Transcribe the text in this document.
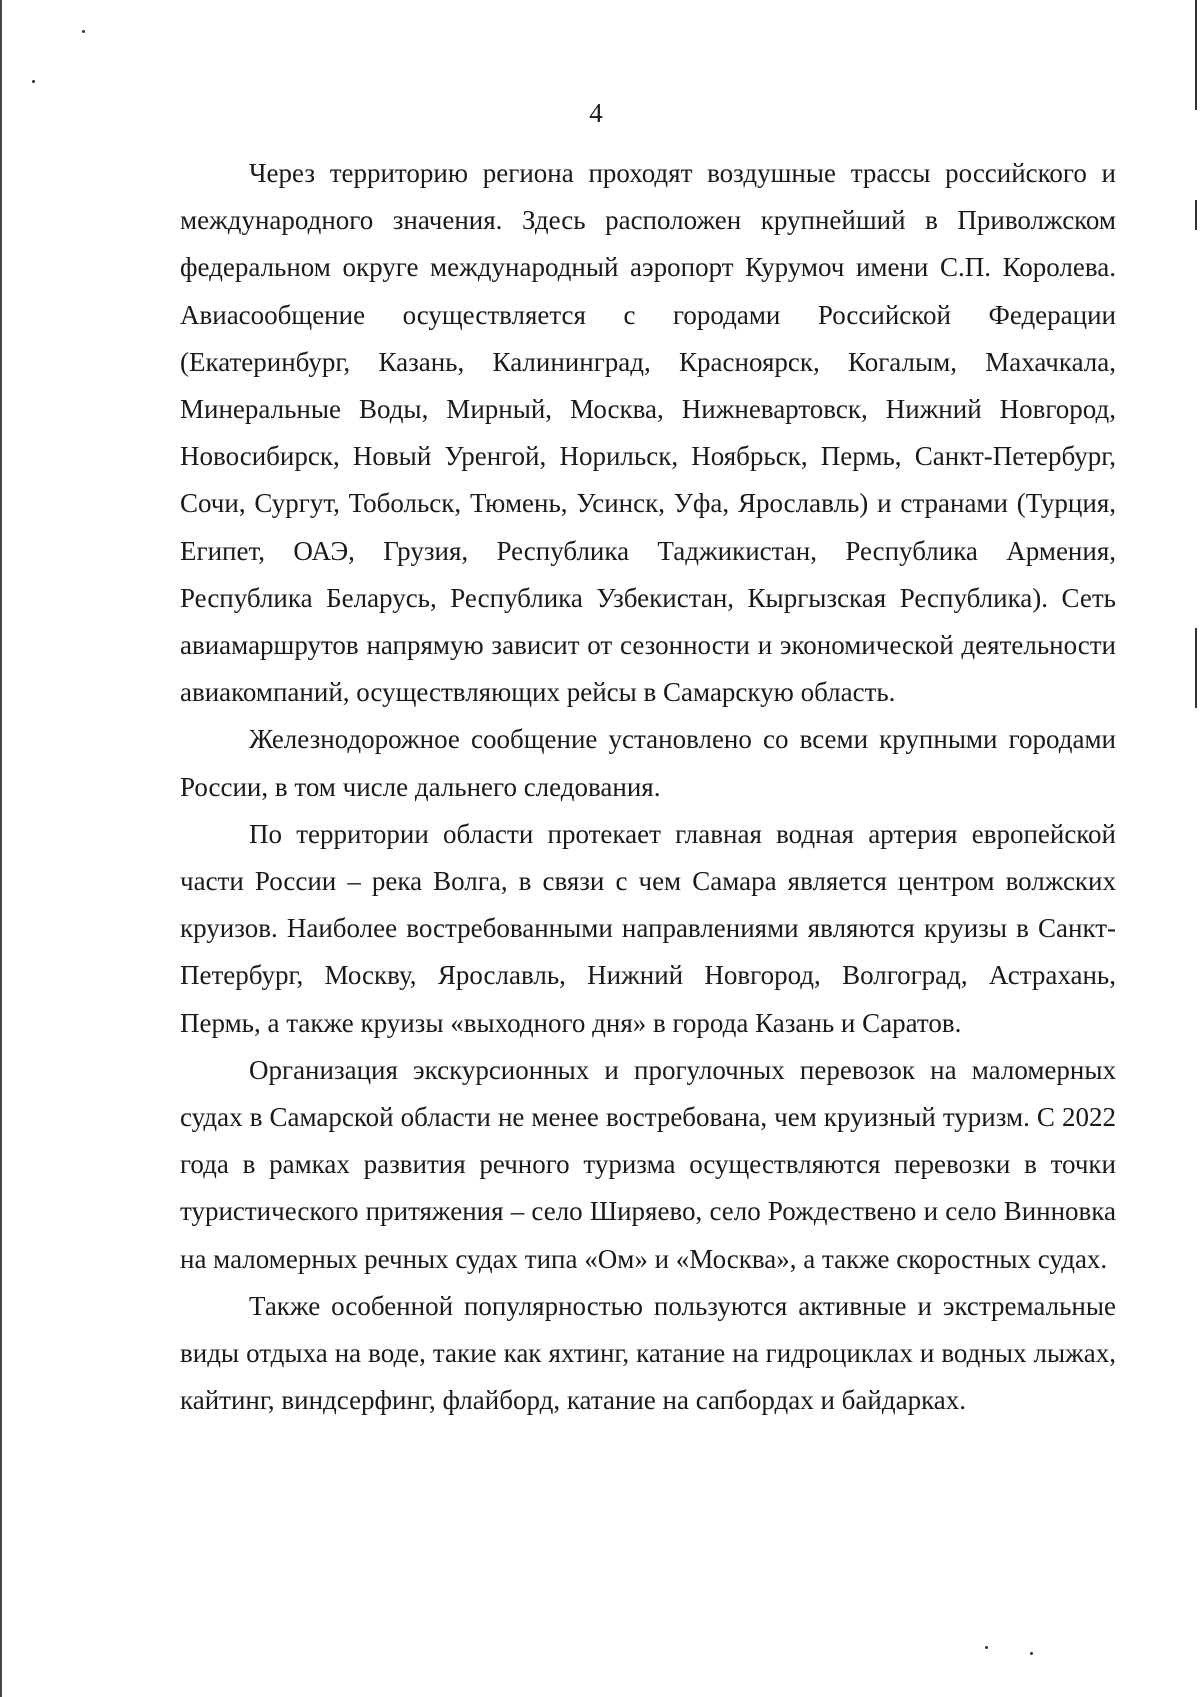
4

Через территорию региона проходят воздушные трассы российского и международного значения. Здесь расположен крупнейший в Приволжском федеральном округе международный аэропорт Курумоч имени С.П. Королева. Авиасообщение осуществляется с городами Российской Федерации (Екатеринбург, Казань, Калининград, Красноярск, Когалым, Махачкала, Минеральные Воды, Мирный, Москва, Нижневартовск, Нижний Новгород, Новосибирск, Новый Уренгой, Норильск, Ноябрьск, Пермь, Санкт-Петербург, Сочи, Сургут, Тобольск, Тюмень, Усинск, Уфа, Ярославль) и странами (Турция, Египет, ОАЭ, Грузия, Республика Таджикистан, Республика Армения, Республика Беларусь, Республика Узбекистан, Кыргызская Республика). Сеть авиамаршрутов напрямую зависит от сезонности и экономической деятельности авиакомпаний, осуществляющих рейсы в Самарскую область.

Железнодорожное сообщение установлено со всеми крупными городами России, в том числе дальнего следования.

По территории области протекает главная водная артерия европейской части России – река Волга, в связи с чем Самара является центром волжских круизов. Наиболее востребованными направлениями являются круизы в Санкт-Петербург, Москву, Ярославль, Нижний Новгород, Волгоград, Астрахань, Пермь, а также круизы «выходного дня» в города Казань и Саратов.

Организация экскурсионных и прогулочных перевозок на маломерных судах в Самарской области не менее востребована, чем круизный туризм. С 2022 года в рамках развития речного туризма осуществляются перевозки в точки туристического притяжения – село Ширяево, село Рождествено и село Винновка на маломерных речных судах типа «Ом» и «Москва», а также скоростных судах.

Также особенной популярностью пользуются активные и экстремальные виды отдыха на воде, такие как яхтинг, катание на гидроциклах и водных лыжах, кайтинг, виндсерфинг, флайборд, катание на сапбордах и байдарках.
